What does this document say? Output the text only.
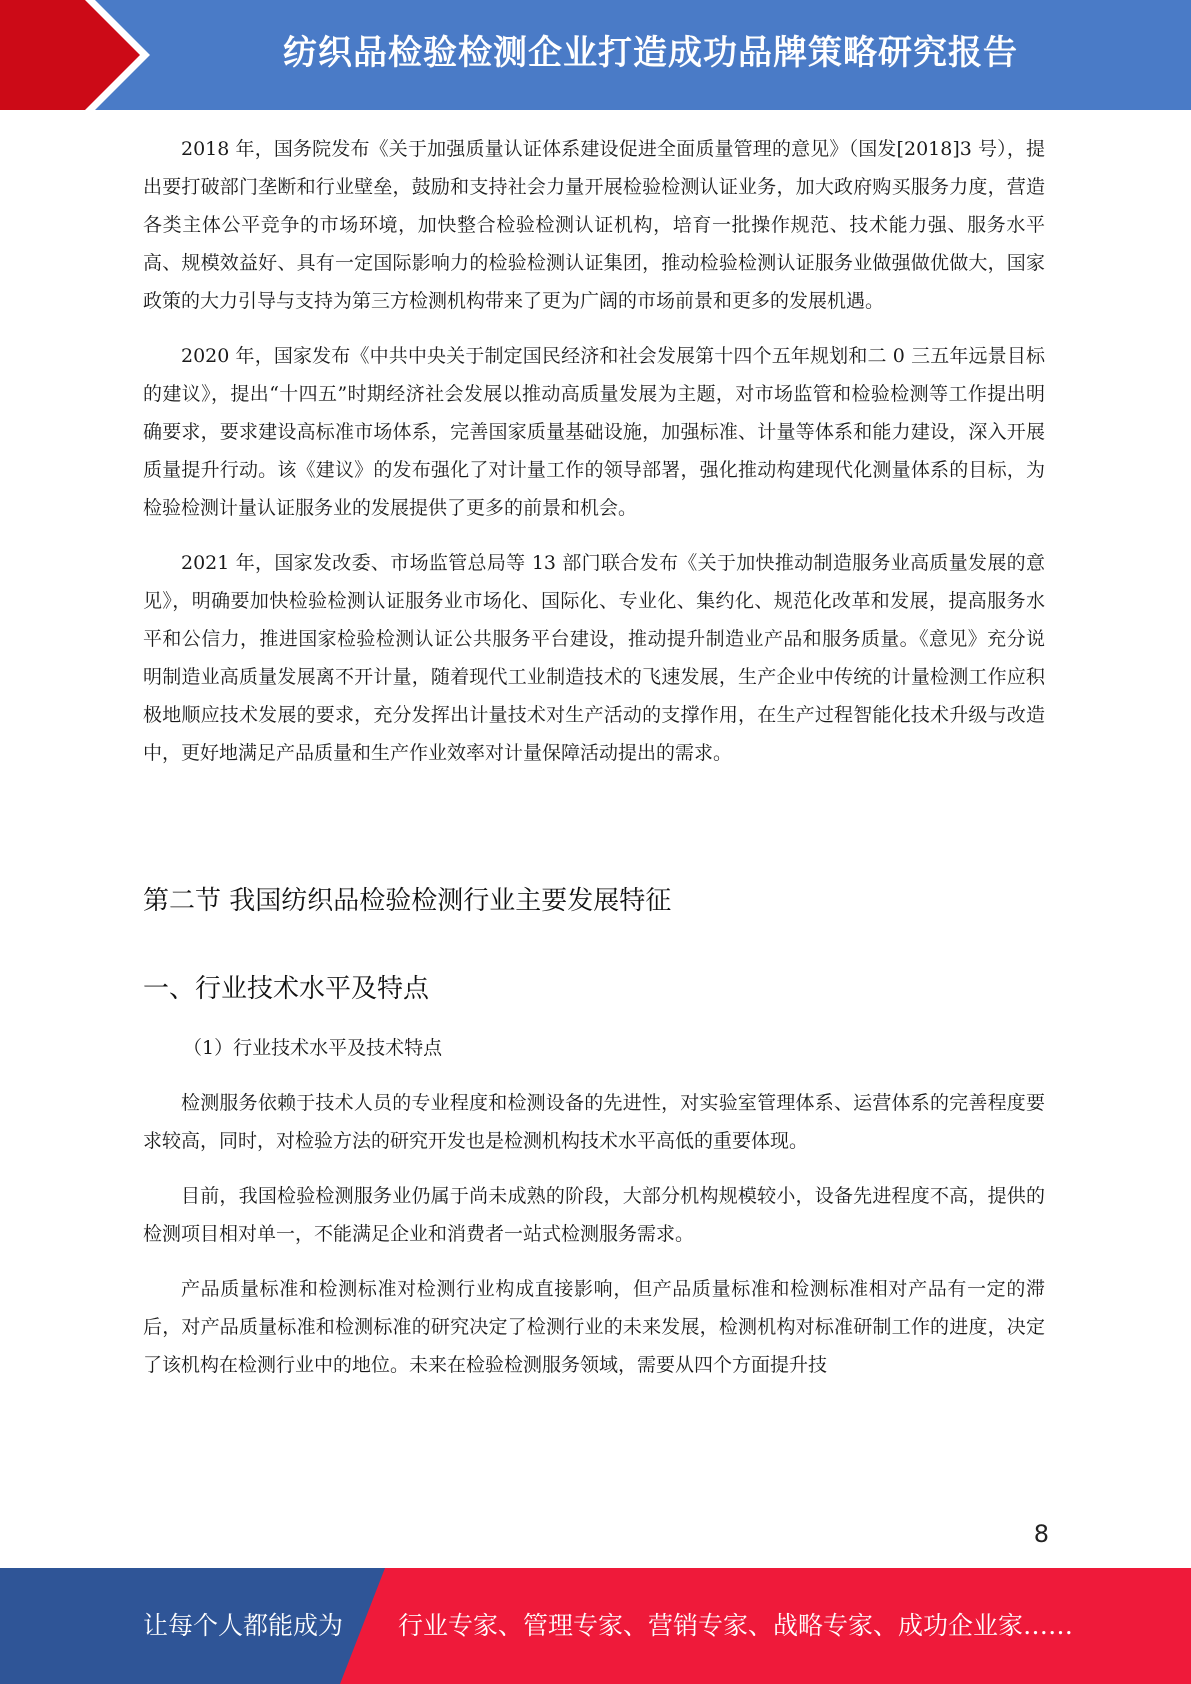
纺织品检验检测企业打造成功品牌策略研究报告

2018 年，国务院发布《关于加强质量认证体系建设促进全面质量管理的意见》（国发[2018]3 号），提出要打破部门垄断和行业壁垒，鼓励和支持社会力量开展检验检测认证业务，加大政府购买服务力度，营造各类主体公平竞争的市场环境，加快整合检验检测认证机构，培育一批操作规范、技术能力强、服务水平高、规模效益好、具有一定国际影响力的检验检测认证集团，推动检验检测认证服务业做强做优做大，国家政策的大力引导与支持为第三方检测机构带来了更为广阔的市场前景和更多的发展机遇。

2020 年，国家发布《中共中央关于制定国民经济和社会发展第十四个五年规划和二 0 三五年远景目标的建议》，提出“十四五”时期经济社会发展以推动高质量发展为主题，对市场监管和检验检测等工作提出明确要求，要求建设高标准市场体系，完善国家质量基础设施，加强标准、计量等体系和能力建设，深入开展质量提升行动。该《建议》的发布强化了对计量工作的领导部署，强化推动构建现代化测量体系的目标，为检验检测计量认证服务业的发展提供了更多的前景和机会。

2021 年，国家发改委、市场监管总局等 13 部门联合发布《关于加快推动制造服务业高质量发展的意见》，明确要加快检验检测认证服务业市场化、国际化、专业化、集约化、规范化改革和发展，提高服务水平和公信力，推进国家检验检测认证公共服务平台建设，推动提升制造业产品和服务质量。《意见》充分说明制造业高质量发展离不开计量，随着现代工业制造技术的飞速发展，生产企业中传统的计量检测工作应积极地顺应技术发展的要求，充分发挥出计量技术对生产活动的支撑作用，在生产过程智能化技术升级与改造中，更好地满足产品质量和生产作业效率对计量保障活动提出的需求。

第二节 我国纺织品检验检测行业主要发展特征
一、行业技术水平及特点
（1）行业技术水平及技术特点

检测服务依赖于技术人员的专业程度和检测设备的先进性，对实验室管理体系、运营体系的完善程度要求较高，同时，对检验方法的研究开发也是检测机构技术水平高低的重要体现。

目前，我国检验检测服务业仍属于尚未成熟的阶段，大部分机构规模较小，设备先进程度不高，提供的检测项目相对单一，不能满足企业和消费者一站式检测服务需求。

产品质量标准和检测标准对检测行业构成直接影响，但产品质量标准和检测标准相对产品有一定的滞后，对产品质量标准和检测标准的研究决定了检测行业的未来发展，检测机构对标准研制工作的进度，决定了该机构在检测行业中的地位。未来在检验检测服务领域，需要从四个方面提升技

8
让每个人都能成为 行业专家、管理专家、营销专家、战略专家、成功企业家……
